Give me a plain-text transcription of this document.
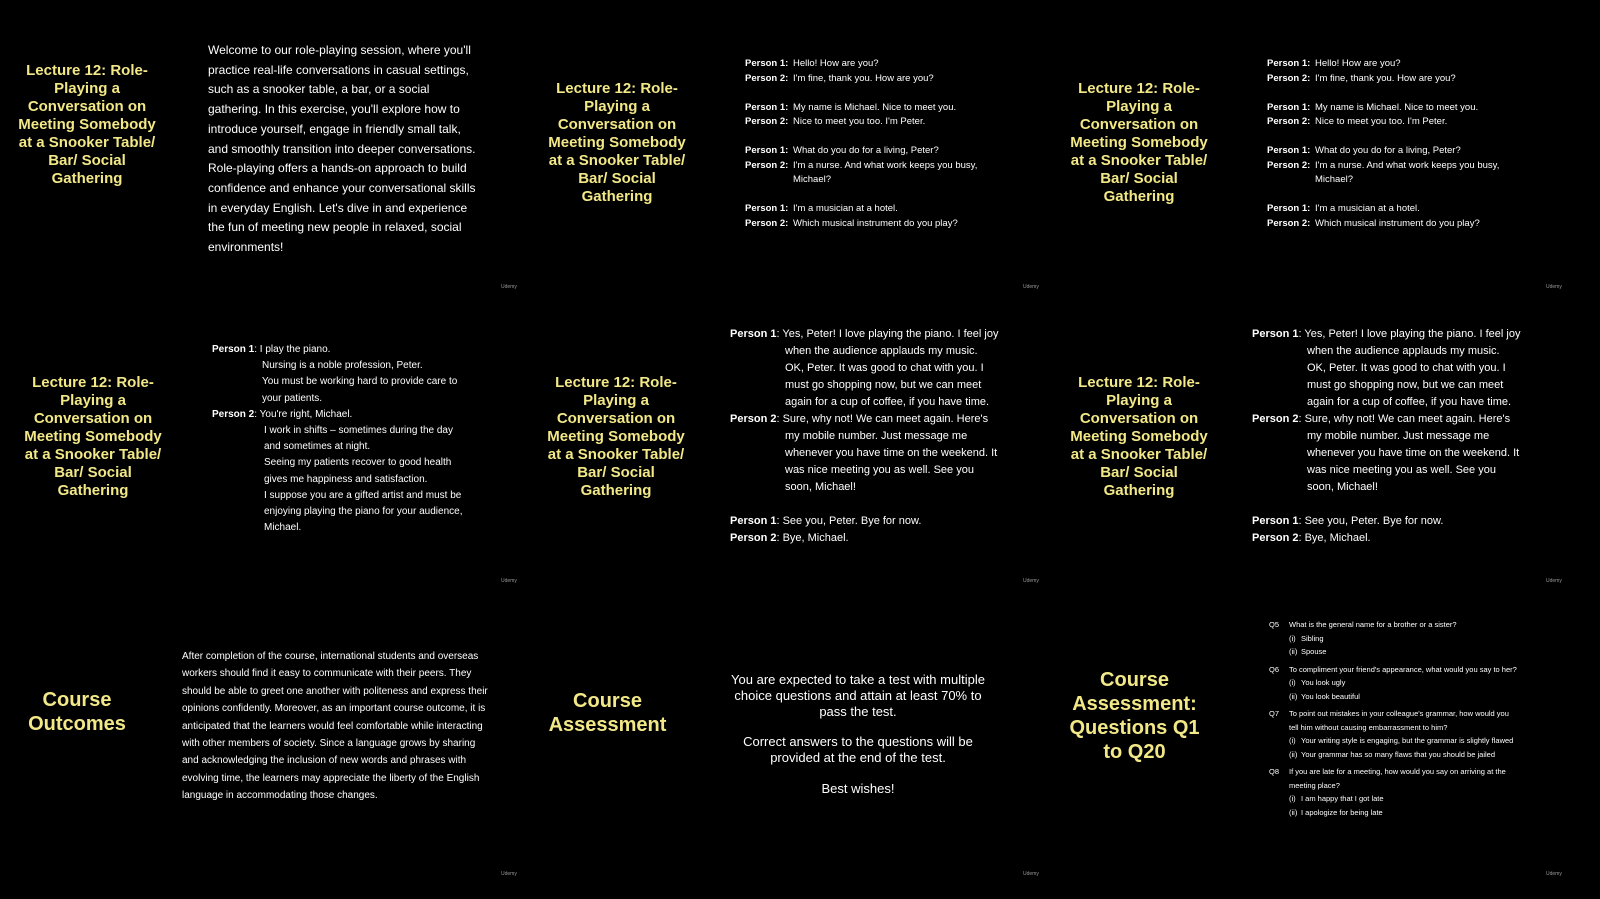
Lecture 12: Role-Playing a Conversation on Meeting Somebody at a Snooker Table/ Bar/ Social Gathering
Welcome to our role-playing session, where you'll practice real-life conversations in casual settings, such as a snooker table, a bar, or a social gathering. In this exercise, you'll explore how to introduce yourself, engage in friendly small talk, and smoothly transition into deeper conversations. Role-playing offers a hands-on approach to build confidence and enhance your conversational skills in everyday English. Let's dive in and experience the fun of meeting new people in relaxed, social environments!
Udemy
Lecture 12: Role-Playing a Conversation on Meeting Somebody at a Snooker Table/ Bar/ Social Gathering
Person 1: Hello! How are you?
Person 2: I'm fine, thank you. How are you?
Person 1: My name is Michael. Nice to meet you.
Person 2: Nice to meet you too. I'm Peter.
Person 1: What do you do for a living, Peter?
Person 2: I'm a nurse. And what work keeps you busy, Michael?
Person 1: I'm a musician at a hotel.
Person 2: Which musical instrument do you play?
Udemy
Lecture 12: Role-Playing a Conversation on Meeting Somebody at a Snooker Table/ Bar/ Social Gathering
Person 1: Hello! How are you?
Person 2: I'm fine, thank you. How are you?
Person 1: My name is Michael. Nice to meet you.
Person 2: Nice to meet you too. I'm Peter.
Person 1: What do you do for a living, Peter?
Person 2: I'm a nurse. And what work keeps you busy, Michael?
Person 1: I'm a musician at a hotel.
Person 2: Which musical instrument do you play?
Udemy
Lecture 12: Role-Playing a Conversation on Meeting Somebody at a Snooker Table/ Bar/ Social Gathering
Person 1: I play the piano.
Nursing is a noble profession, Peter.
You must be working hard to provide care to
your patients.
Person 2: You're right, Michael.
I work in shifts – sometimes during the day
and sometimes at night.
Seeing my patients recover to good health
gives me happiness and satisfaction.
I suppose you are a gifted artist and must be
enjoying playing the piano for your audience,
Michael.
Udemy
Lecture 12: Role-Playing a Conversation on Meeting Somebody at a Snooker Table/ Bar/ Social Gathering
Person 1: Yes, Peter! I love playing the piano. I feel joy
when the audience applauds my music.
OK, Peter. It was good to chat with you. I
must go shopping now, but we can meet
again for a cup of coffee, if you have time.
Person 2: Sure, why not! We can meet again. Here's
my mobile number. Just message me
whenever you have time on the weekend. It
was nice meeting you as well. See you
soon, Michael!
Person 1: See you, Peter. Bye for now.
Person 2: Bye, Michael.
Udemy
Lecture 12: Role-Playing a Conversation on Meeting Somebody at a Snooker Table/ Bar/ Social Gathering
Person 1: Yes, Peter! I love playing the piano. I feel joy
when the audience applauds my music.
OK, Peter. It was good to chat with you. I
must go shopping now, but we can meet
again for a cup of coffee, if you have time.
Person 2: Sure, why not! We can meet again. Here's
my mobile number. Just message me
whenever you have time on the weekend. It
was nice meeting you as well. See you
soon, Michael!
Person 1: See you, Peter. Bye for now.
Person 2: Bye, Michael.
Udemy
Course Outcomes
After completion of the course, international students and overseas workers should find it easy to communicate with their peers. They should be able to greet one another with politeness and express their opinions confidently. Moreover, as an important course outcome, it is anticipated that the learners would feel comfortable while interacting with other members of society. Since a language grows by sharing and acknowledging the inclusion of new words and phrases with evolving time, the learners may appreciate the liberty of the English language in accommodating those changes.
Udemy
Course Assessment
You are expected to take a test with multiple choice questions and attain at least 70% to pass the test.
Correct answers to the questions will be provided at the end of the test.
Best wishes!
Udemy
Course Assessment: Questions Q1 to Q20
Q5	What is the general name for a brother or a sister?
(i) Sibling
(ii) Spouse
Q6	To compliment your friend's appearance, what would you say to her?
(i) You look ugly
(ii) You look beautiful
Q7	To point out mistakes in your colleague's grammar, how would you tell him without causing embarrassment to him?
(i) Your writing style is engaging, but the grammar is slightly flawed
(ii) Your grammar has so many flaws that you should be jailed
Q8	If you are late for a meeting, how would you say on arriving at the meeting place?
(i) I am happy that I got late
(ii) I apologize for being late
Udemy
